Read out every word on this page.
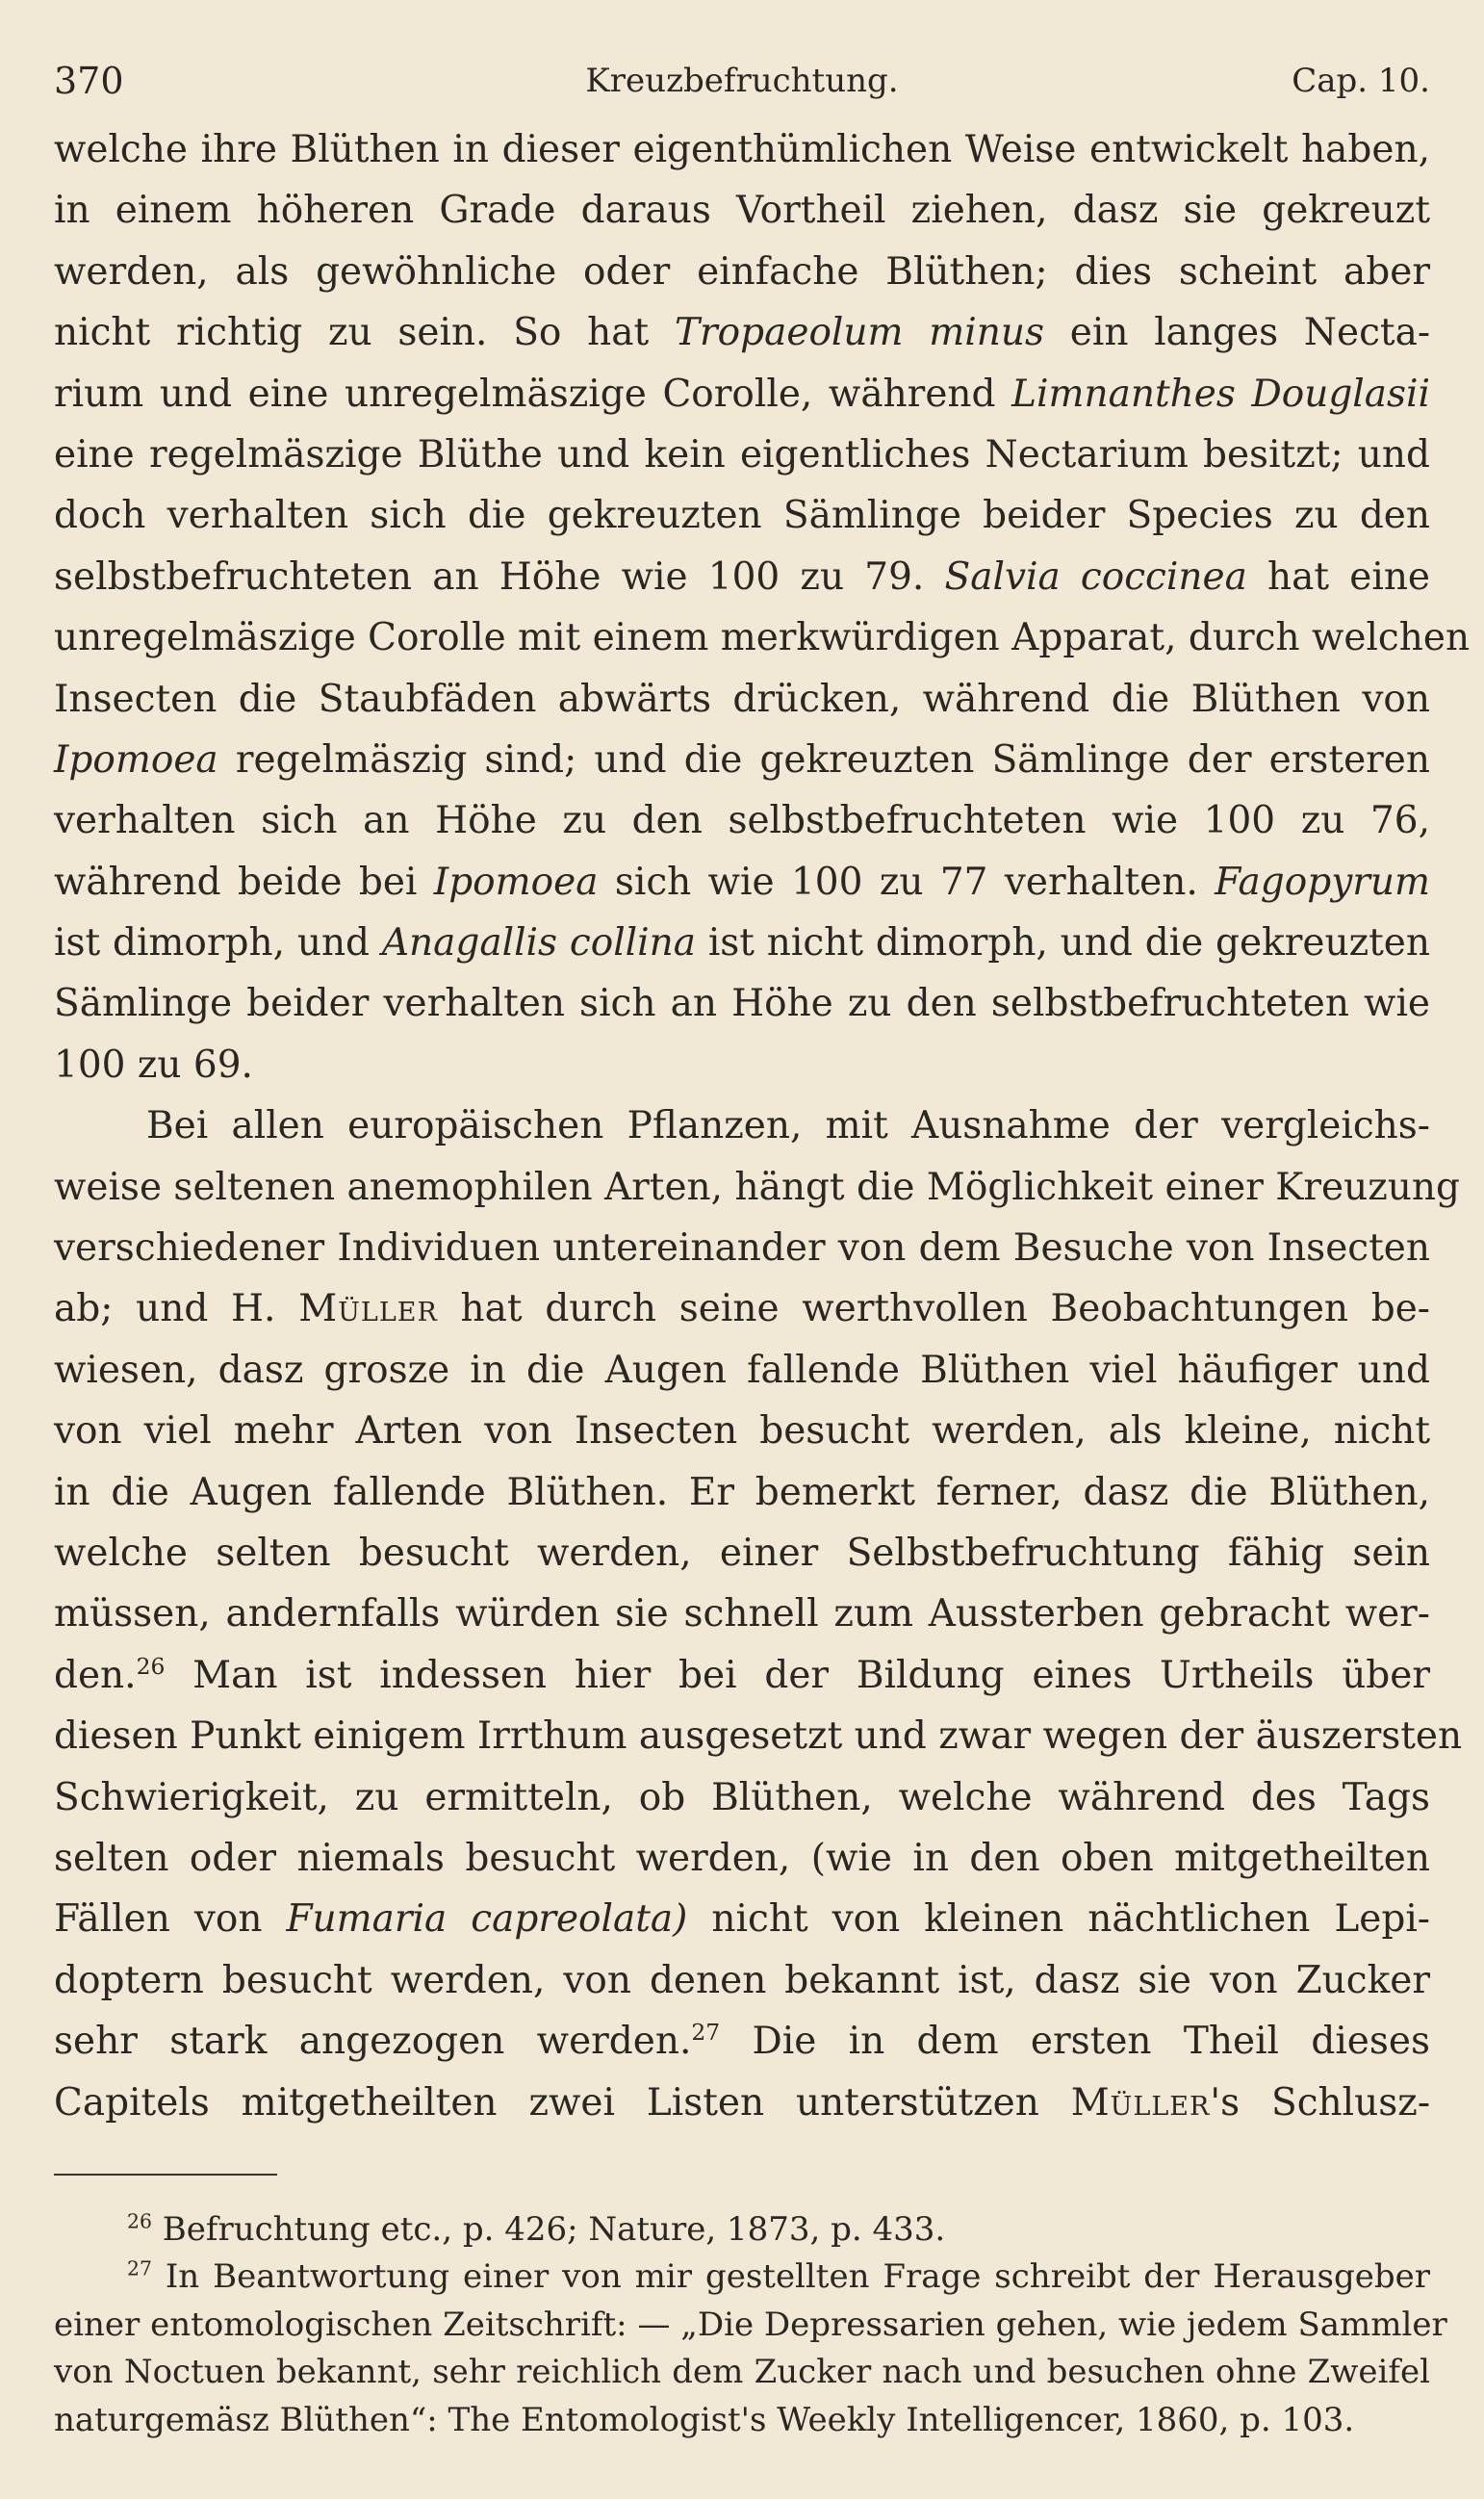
370	Kreuzbefruchtung.	Cap. 10.
welche ihre Blüthen in dieser eigenthümlichen Weise entwickelt haben,
in einem höheren Grade daraus Vortheil ziehen, dasz sie gekreuzt
werden, als gewöhnliche oder einfache Blüthen; dies scheint aber
nicht richtig zu sein. So hat Tropaeolum minus ein langes Necta-
rium und eine unregelmäszige Corolle, während Limnanthes Douglasii
eine regelmäszige Blüthe und kein eigentliches Nectarium besitzt; und
doch verhalten sich die gekreuzten Sämlinge beider Species zu den
selbstbefruchteten an Höhe wie 100 zu 79. Salvia coccinea hat eine
unregelmäszige Corolle mit einem merkwürdigen Apparat, durch welchen
Insecten die Staubfäden abwärts drücken, während die Blüthen von
Ipomoea regelmäszig sind; und die gekreuzten Sämlinge der ersteren
verhalten sich an Höhe zu den selbstbefruchteten wie 100 zu 76,
während beide bei Ipomoea sich wie 100 zu 77 verhalten. Fagopyrum
ist dimorph, und Anagallis collina ist nicht dimorph, und die gekreuzten
Sämlinge beider verhalten sich an Höhe zu den selbstbefruchteten wie
100 zu 69.
Bei allen europäischen Pflanzen, mit Ausnahme der vergleichs-
weise seltenen anemophilen Arten, hängt die Möglichkeit einer Kreuzung
verschiedener Individuen untereinander von dem Besuche von Insecten
ab; und H. Müller hat durch seine werthvollen Beobachtungen be-
wiesen, dasz grosze in die Augen fallende Blüthen viel häufiger und
von viel mehr Arten von Insecten besucht werden, als kleine, nicht
in die Augen fallende Blüthen. Er bemerkt ferner, dasz die Blüthen,
welche selten besucht werden, einer Selbstbefruchtung fähig sein
müssen, andernfalls würden sie schnell zum Aussterben gebracht wer-
den.$^{26}$ Man ist indessen hier bei der Bildung eines Urtheils über
diesen Punkt einigem Irrthum ausgesetzt und zwar wegen der äuszersten
Schwierigkeit, zu ermitteln, ob Blüthen, welche während des Tags
selten oder niemals besucht werden, (wie in den oben mitgetheilten
Fällen von Fumaria capreolata) nicht von kleinen nächtlichen Lepi-
doptern besucht werden, von denen bekannt ist, dasz sie von Zucker
sehr stark angezogen werden.$^{27}$ Die in dem ersten Theil dieses
Capitels mitgetheilten zwei Listen unterstützen Müller's Schlusz-
$^{26}$ Befruchtung etc., p. 426; Nature, 1873, p. 433.
$^{27}$ In Beantwortung einer von mir gestellten Frage schreibt der Herausgeber
einer entomologischen Zeitschrift: — „Die Depressarien gehen, wie jedem Sammler
von Noctuen bekannt, sehr reichlich dem Zucker nach und besuchen ohne Zweifel
naturgemäsz Blüthen“: The Entomologist's Weekly Intelligencer, 1860, p. 103.
